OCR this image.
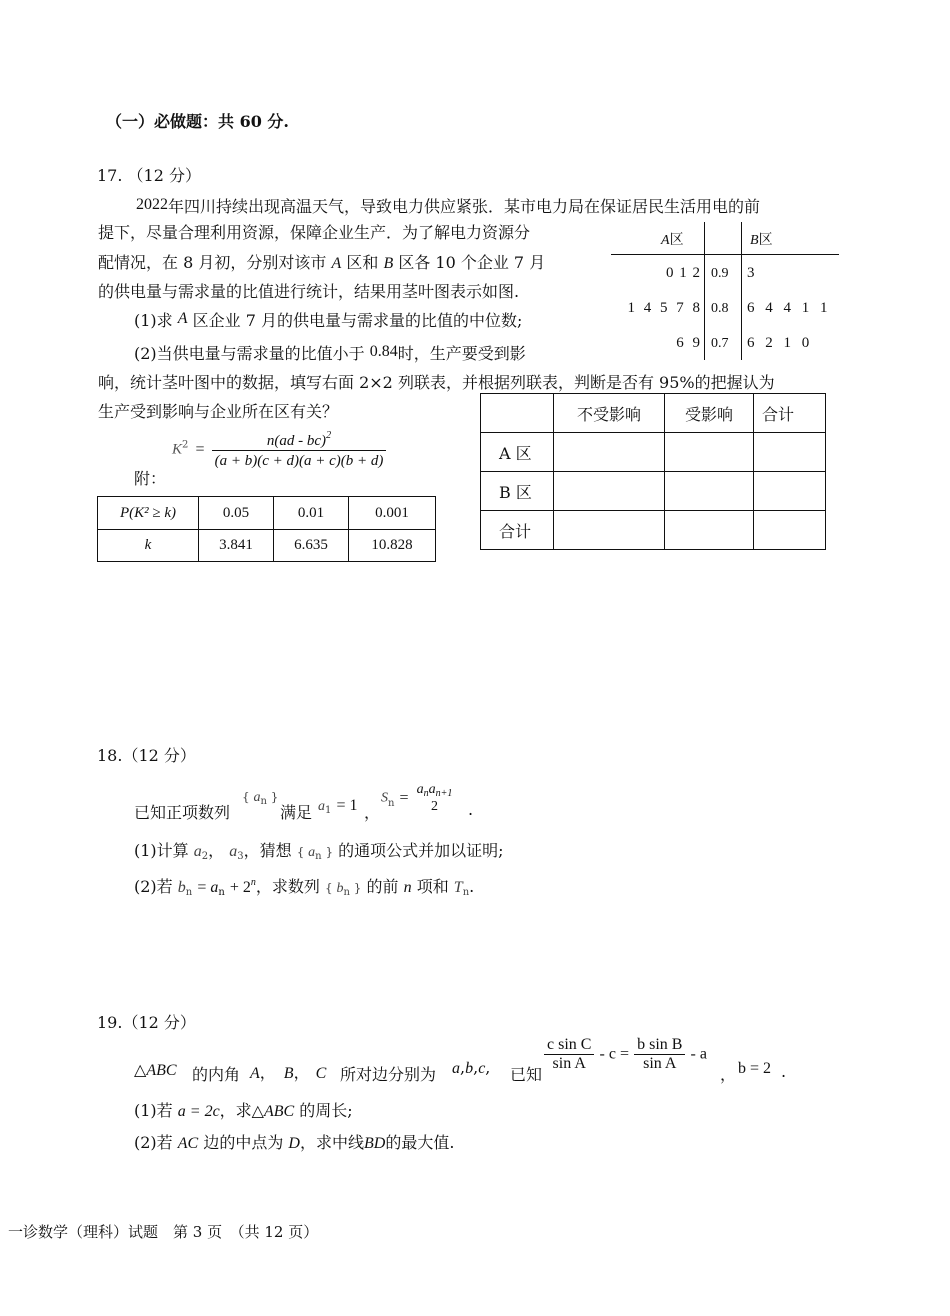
（一）必做题：共 60 分.
17. （12 分）
2022年四川持续出现高温天气，导致电力供应紧张．某市电力局在保证居民生活用电的前
提下，尽量合理利用资源，保障企业生产．为了解电力资源分
配情况，在 8 月初，分别对该市 A 区和 B 区各 10 个企业 7 月
的供电量与需求量的比值进行统计，结果用茎叶图表示如图.
(1)求 A 区企业 7 月的供电量与需求量的比值的中位数;
(2)当供电量与需求量的比值小于 0.84时，生产要受到影
响，统计茎叶图中的数据，填写右面 2×2 列联表，并根据列联表，判断是否有 95%的把握认为
生产受到影响与企业所在区有关？
A区	B区
0 1 2 0.9 3
1 4 5 7 8 0.8 6 4 4 1 1
6 9 0.7 6 2 1 0
附：
$K^2 = \frac{n(ad - bc)^2}{(a + b)(c + d)(a + c)(b + d)}$
P(K² ≥ k)	0.05	0.01	0.001
k	3.841	6.635	10.828
	不受影响	受影响	合计
A 区			
B 区			
合计			
18.（12 分）
已知正项数列
{ $a_n$ }
满足 $a_1 = 1$ ，
$S_n = a_na_{n+1}$
2	.
(1)计算 $a_2$， $a_3$，猜想 { $a_n$ } 的通项公式并加以证明;
(2)若 $b_n = a_n + 2^n$，求数列 { $b_n$ } 的前 n 项和 $T_n$.
19.（12 分）
△ABC 的内角 A， B， C 所对边分别为 a,b,c, 已知
$\frac{\text{c sin C}}{\text{sin A}} - c = \frac{\text{b sin B}}{\text{sin A}} - a$
， b = 2 .
(1)若 a = 2c，求△ABC 的周长;
(2)若 AC 边的中点为 D，求中线BD的最大值.
一诊数学（理科）试题　第 3 页　（共 12 页）
